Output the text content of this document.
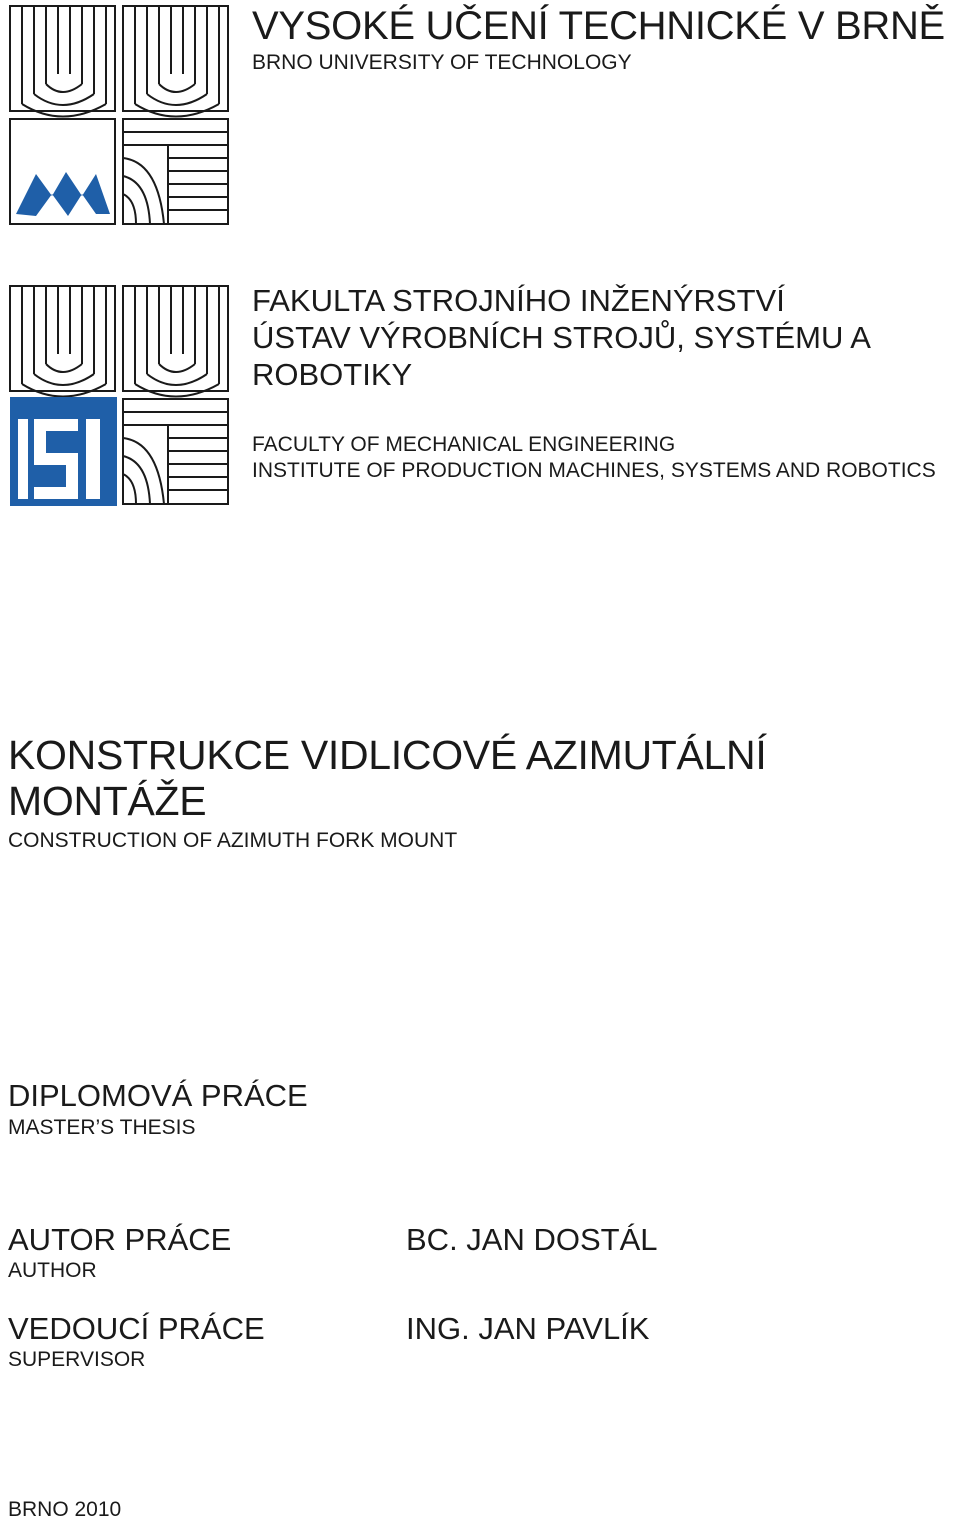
VYSOKÉ UČENÍ TECHNICKÉ V BRNĚ
BRNO UNIVERSITY OF TECHNOLOGY
FAKULTA STROJNÍHO INŽENÝRSTVÍ
ÚSTAV VÝROBNÍCH STROJŮ, SYSTÉMU A ROBOTIKY
FACULTY OF MECHANICAL ENGINEERING
INSTITUTE OF PRODUCTION MACHINES, SYSTEMS AND ROBOTICS
KONSTRUKCE VIDLICOVÉ AZIMUTÁLNÍ MONTÁŽE
CONSTRUCTION OF AZIMUTH FORK MOUNT
DIPLOMOVÁ PRÁCE
MASTER’S THESIS
AUTOR PRÁCE
AUTHOR
BC. JAN DOSTÁL
VEDOUCÍ PRÁCE
SUPERVISOR
ING. JAN PAVLÍK
BRNO 2010
